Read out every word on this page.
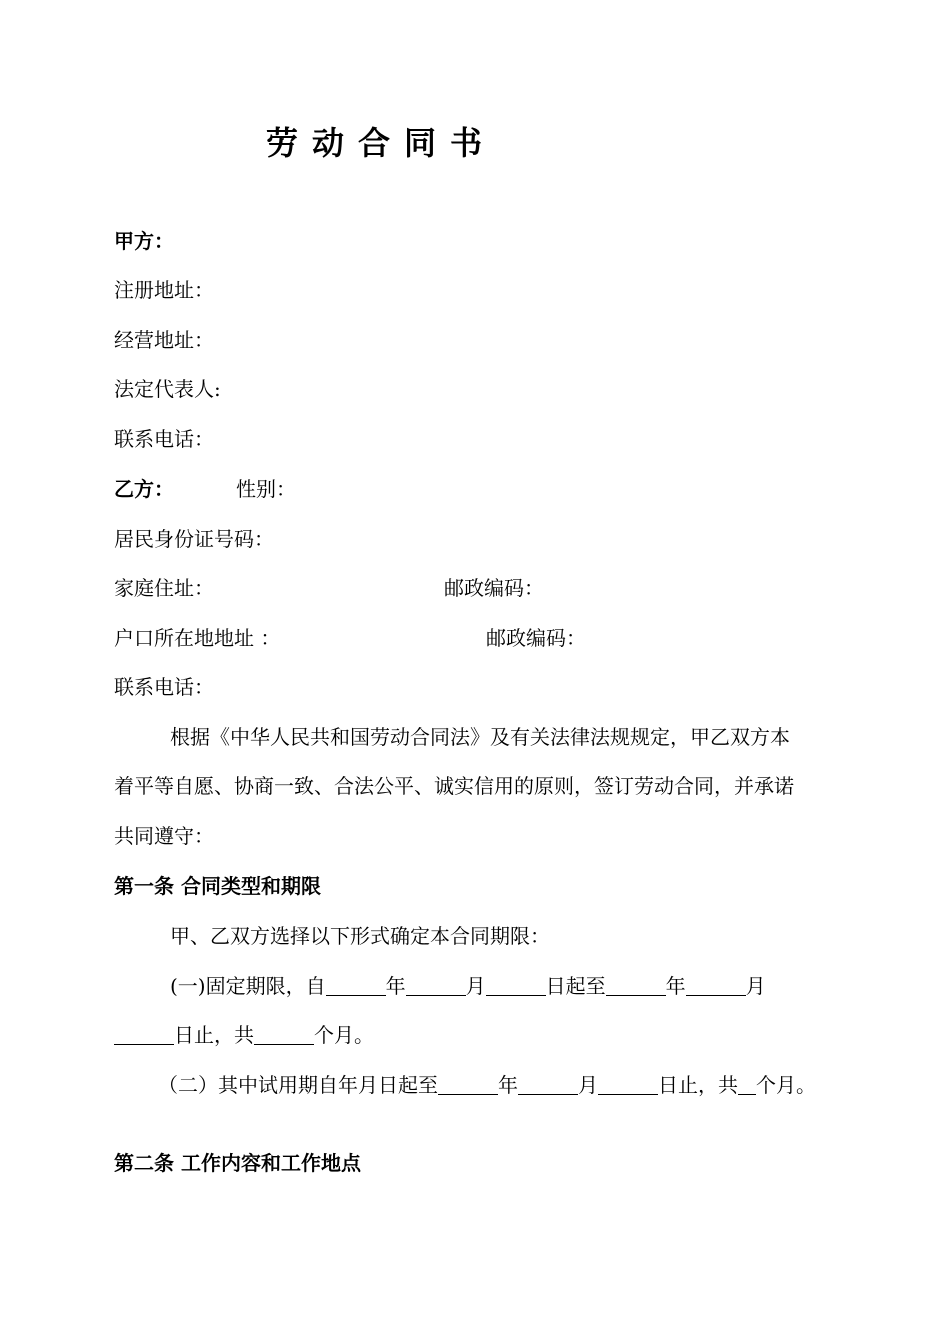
劳动合同书
甲方：
注册地址：
经营地址：
法定代表人:
联系电话：
乙方：	性别：
居民身份证号码：
家庭住址：	邮政编码：
户口所在地地址 ：	邮政编码：
联系电话：
根据《中华人民共和国劳动合同法》及有关法律法规规定，甲乙双方本
着平等自愿、协商一致、合法公平、诚实信用的原则，签订劳动合同，并承诺
共同遵守：
第一条 合同类型和期限
甲、乙双方选择以下形式确定本合同期限：
(一)固定期限，自	年	月	日起至	年	月
日止，共	个月。
（二）其中试用期自年月日起至	年	月	日止，共 个月。
第二条 工作内容和工作地点
